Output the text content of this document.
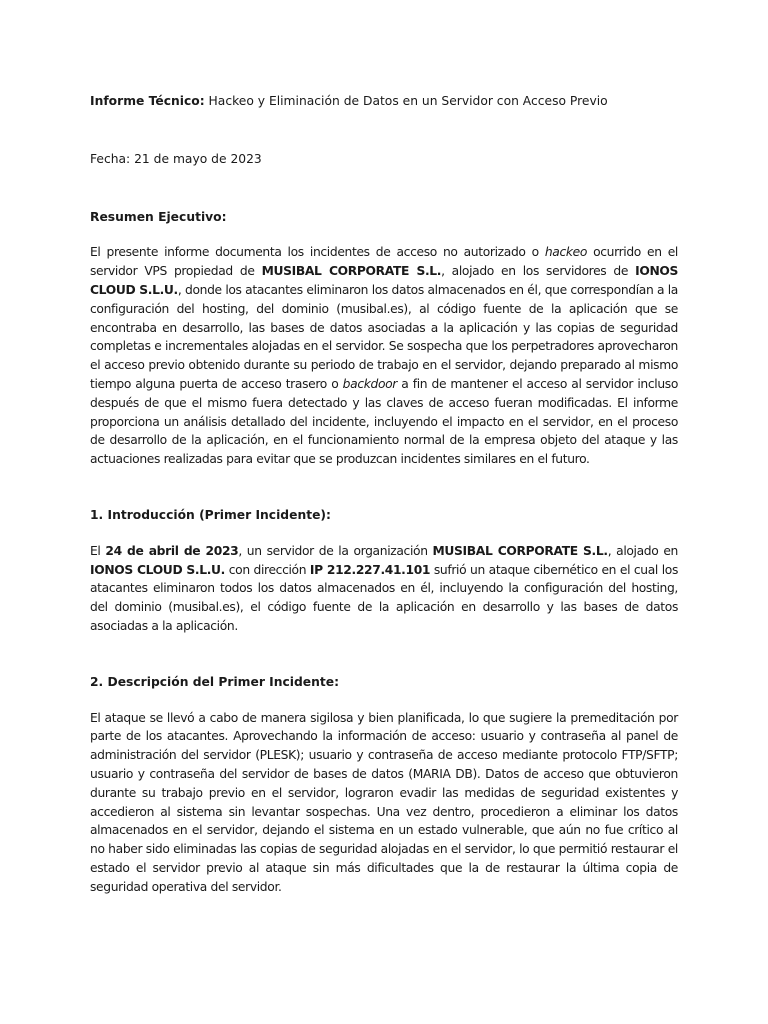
Informe Técnico: Hackeo y Eliminación de Datos en un Servidor con Acceso Previo

Fecha: 21 de mayo de 2023

Resumen Ejecutivo:

El presente informe documenta los incidentes de acceso no autorizado o hackeo ocurrido en el servidor VPS propiedad de MUSIBAL CORPORATE S.L., alojado en los servidores de IONOS CLOUD S.L.U., donde los atacantes eliminaron los datos almacenados en él, que correspondían a la configuración del hosting, del dominio (musibal.es), al código fuente de la aplicación que se encontraba en desarrollo, las bases de datos asociadas a la aplicación y las copias de seguridad completas e incrementales alojadas en el servidor. Se sospecha que los perpetradores aprovecharon el acceso previo obtenido durante su periodo de trabajo en el servidor, dejando preparado al mismo tiempo alguna puerta de acceso trasero o backdoor a fin de mantener el acceso al servidor incluso después de que el mismo fuera detectado y las claves de acceso fueran modificadas. El informe proporciona un análisis detallado del incidente, incluyendo el impacto en el servidor, en el proceso de desarrollo de la aplicación, en el funcionamiento normal de la empresa objeto del ataque y las actuaciones realizadas para evitar que se produzcan incidentes similares en el futuro.

1. Introducción (Primer Incidente):

El 24 de abril de 2023, un servidor de la organización MUSIBAL CORPORATE S.L., alojado en IONOS CLOUD S.L.U. con dirección IP 212.227.41.101 sufrió un ataque cibernético en el cual los atacantes eliminaron todos los datos almacenados en él, incluyendo la configuración del hosting, del dominio (musibal.es), el código fuente de la aplicación en desarrollo y las bases de datos asociadas a la aplicación.

2. Descripción del Primer Incidente:

El ataque se llevó a cabo de manera sigilosa y bien planificada, lo que sugiere la premeditación por parte de los atacantes. Aprovechando la información de acceso: usuario y contraseña al panel de administración del servidor (PLESK); usuario y contraseña de acceso mediante protocolo FTP/SFTP; usuario y contraseña del servidor de bases de datos (MARIA DB). Datos de acceso que obtuvieron durante su trabajo previo en el servidor, lograron evadir las medidas de seguridad existentes y accedieron al sistema sin levantar sospechas. Una vez dentro, procedieron a eliminar los datos almacenados en el servidor, dejando el sistema en un estado vulnerable, que aún no fue crítico al no haber sido eliminadas las copias de seguridad alojadas en el servidor, lo que permitió restaurar el estado el servidor previo al ataque sin más dificultades que la de restaurar la última copia de seguridad operativa del servidor.
